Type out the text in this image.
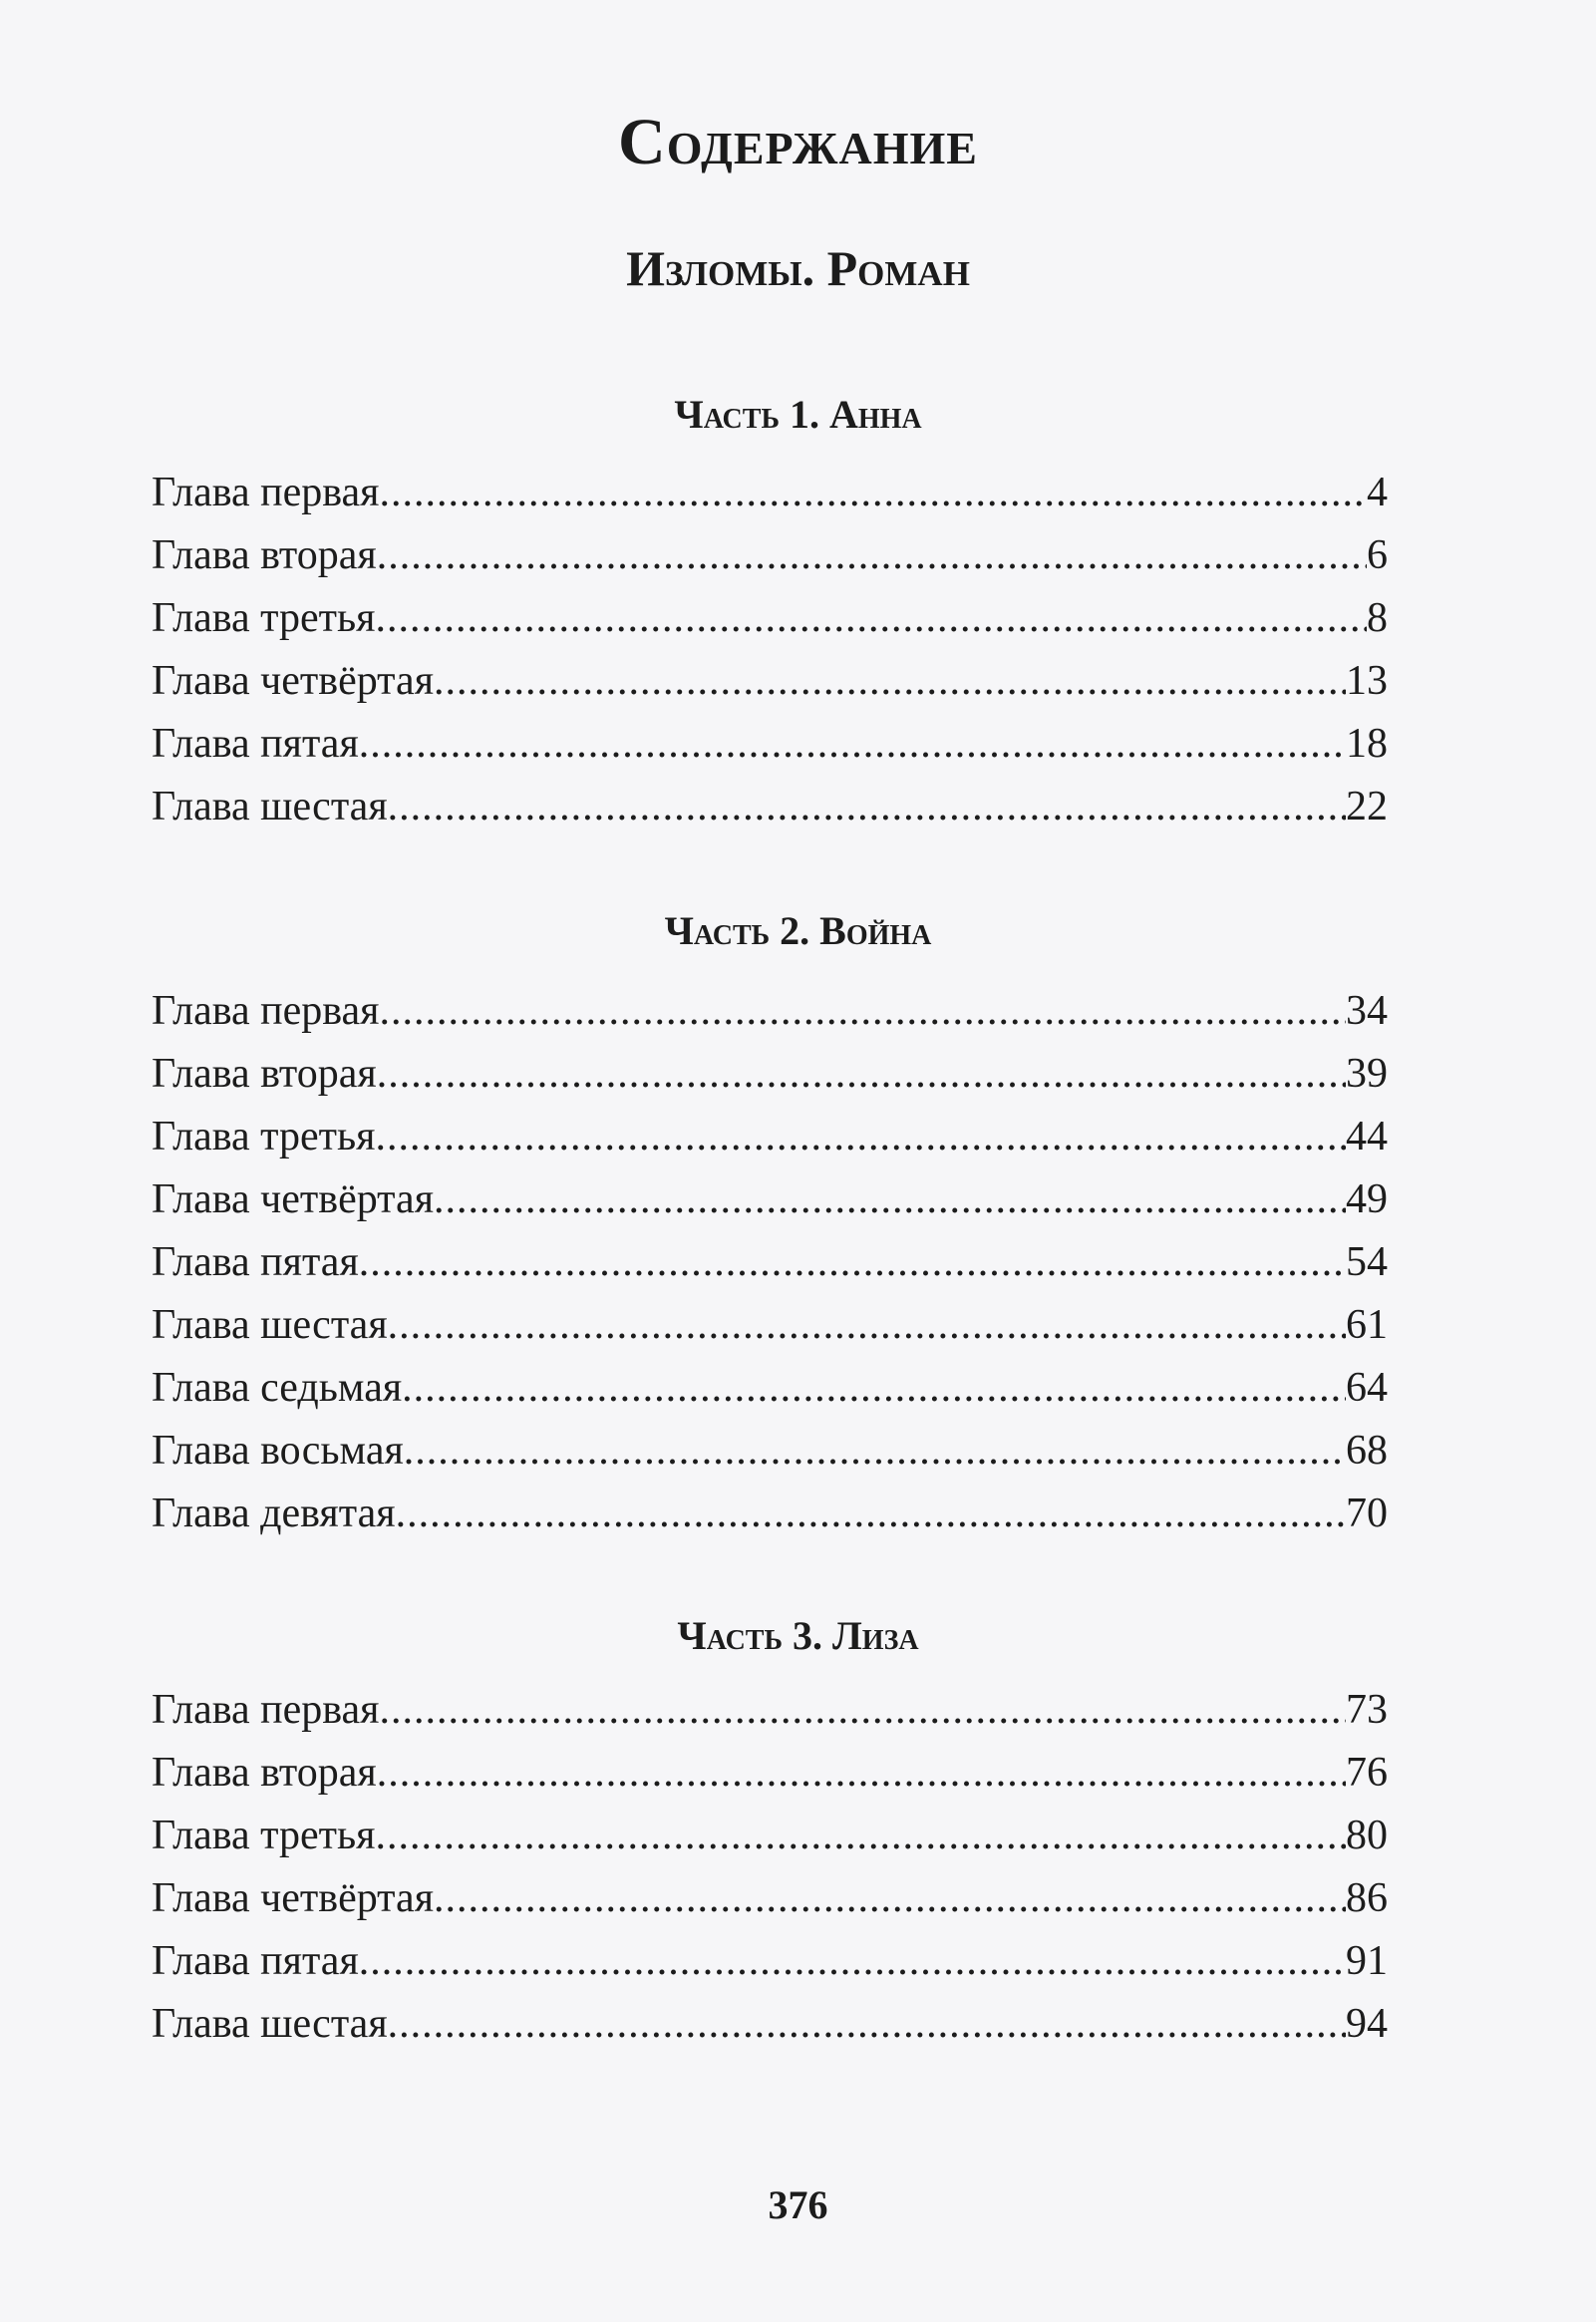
Содержание
Изломы. Роман
Часть 1. Анна
Глава первая .....	4
Глава вторая .....	6
Глава третья .....	8
Глава четвёртая .....	13
Глава пятая .....	18
Глава шестая .....	22
Часть 2. Война
Глава первая .....	34
Глава вторая .....	39
Глава третья .....	44
Глава четвёртая .....	49
Глава пятая .....	54
Глава шестая .....	61
Глава седьмая .....	64
Глава восьмая .....	68
Глава девятая .....	70
Часть 3. Лиза
Глава первая .....	73
Глава вторая .....	76
Глава третья .....	80
Глава четвёртая .....	86
Глава пятая .....	91
Глава шестая .....	94
376
